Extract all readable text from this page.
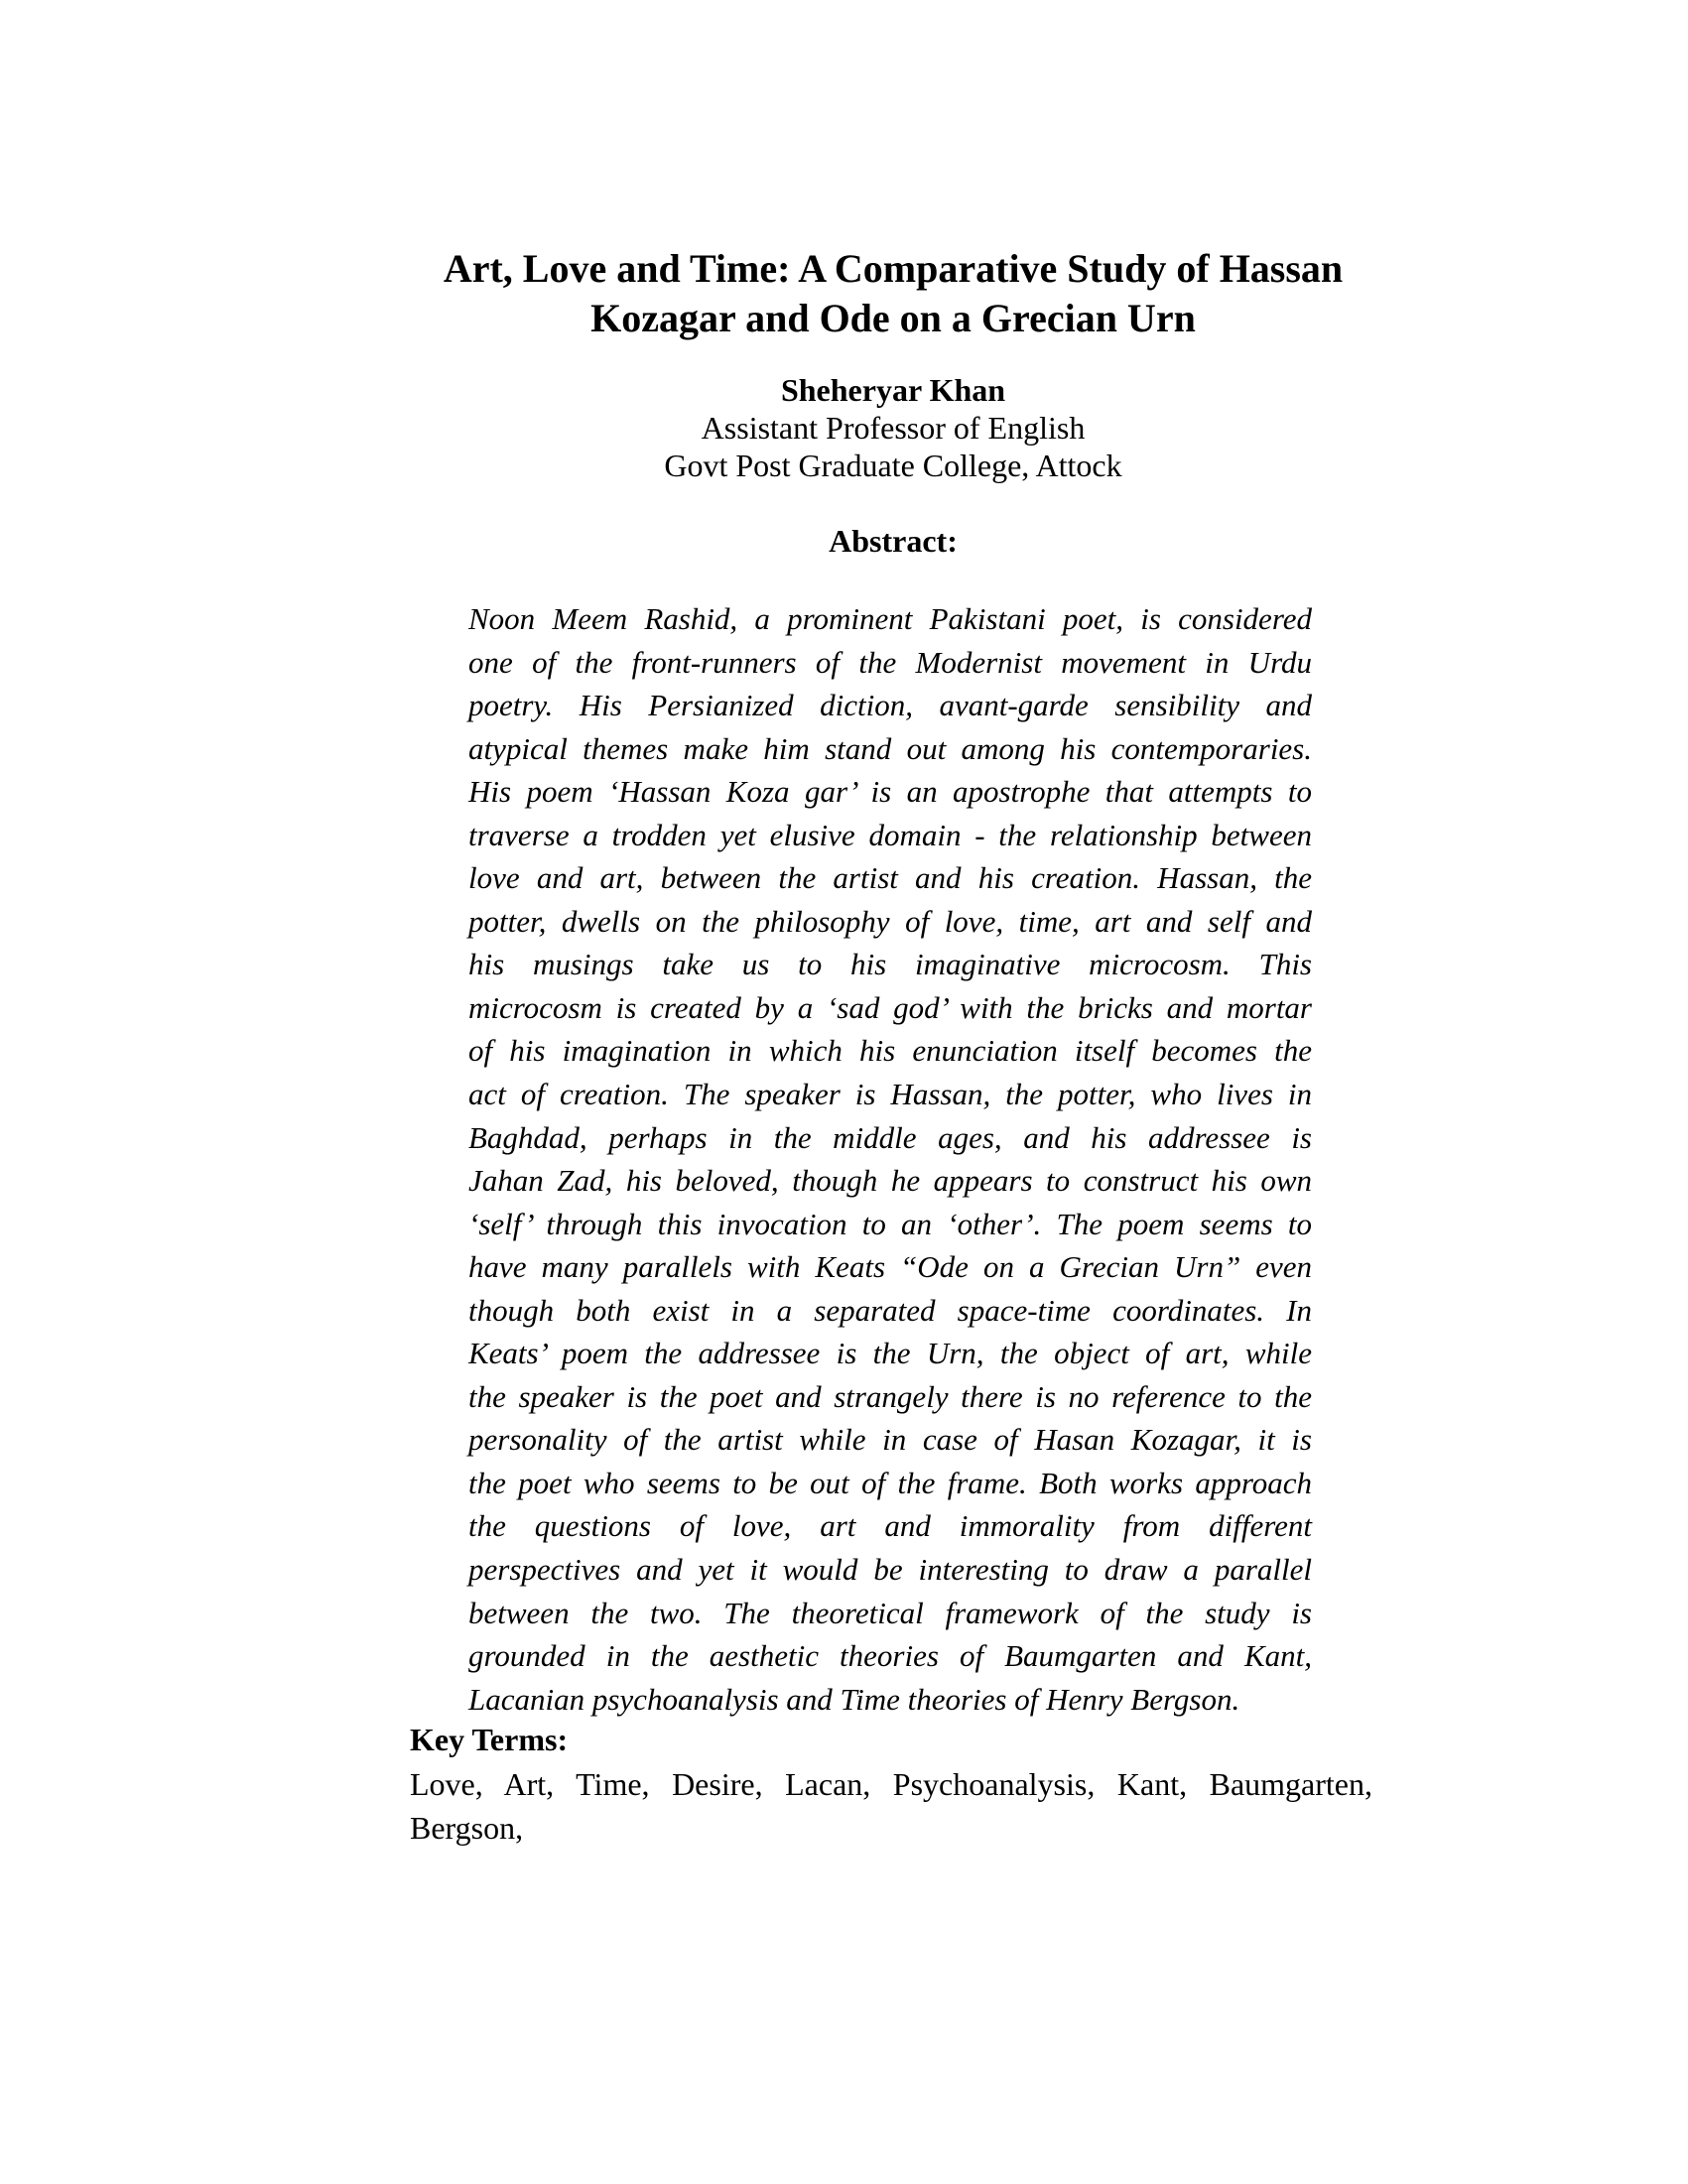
Art, Love and Time: A Comparative Study of Hassan
Kozagar and Ode on a Grecian Urn
Sheheryar Khan
Assistant Professor of English
Govt Post Graduate College, Attock
Abstract:
Noon Meem Rashid, a prominent Pakistani poet, is considered
one of the front-runners of the Modernist movement in Urdu
poetry. His Persianized diction, avant-garde sensibility and
atypical themes make him stand out among his contemporaries.
His poem ‘Hassan Koza gar’ is an apostrophe that attempts to
traverse a trodden yet elusive domain - the relationship between
love and art, between the artist and his creation. Hassan, the
potter, dwells on the philosophy of love, time, art and self and
his musings take us to his imaginative microcosm. This
microcosm is created by a ‘sad god’ with the bricks and mortar
of his imagination in which his enunciation itself becomes the
act of creation. The speaker is Hassan, the potter, who lives in
Baghdad, perhaps in the middle ages, and his addressee is
Jahan Zad, his beloved, though he appears to construct his own
‘self’ through this invocation to an ‘other’. The poem seems to
have many parallels with Keats “Ode on a Grecian Urn” even
though both exist in a separated space-time coordinates. In
Keats’ poem the addressee is the Urn, the object of art, while
the speaker is the poet and strangely there is no reference to the
personality of the artist while in case of Hasan Kozagar, it is
the poet who seems to be out of the frame. Both works approach
the questions of love, art and immorality from different
perspectives and yet it would be interesting to draw a parallel
between the two. The theoretical framework of the study is
grounded in the aesthetic theories of Baumgarten and Kant,
Lacanian psychoanalysis and Time theories of Henry Bergson.
Key Terms:
Love, Art, Time, Desire, Lacan, Psychoanalysis, Kant, Baumgarten,
Bergson,
